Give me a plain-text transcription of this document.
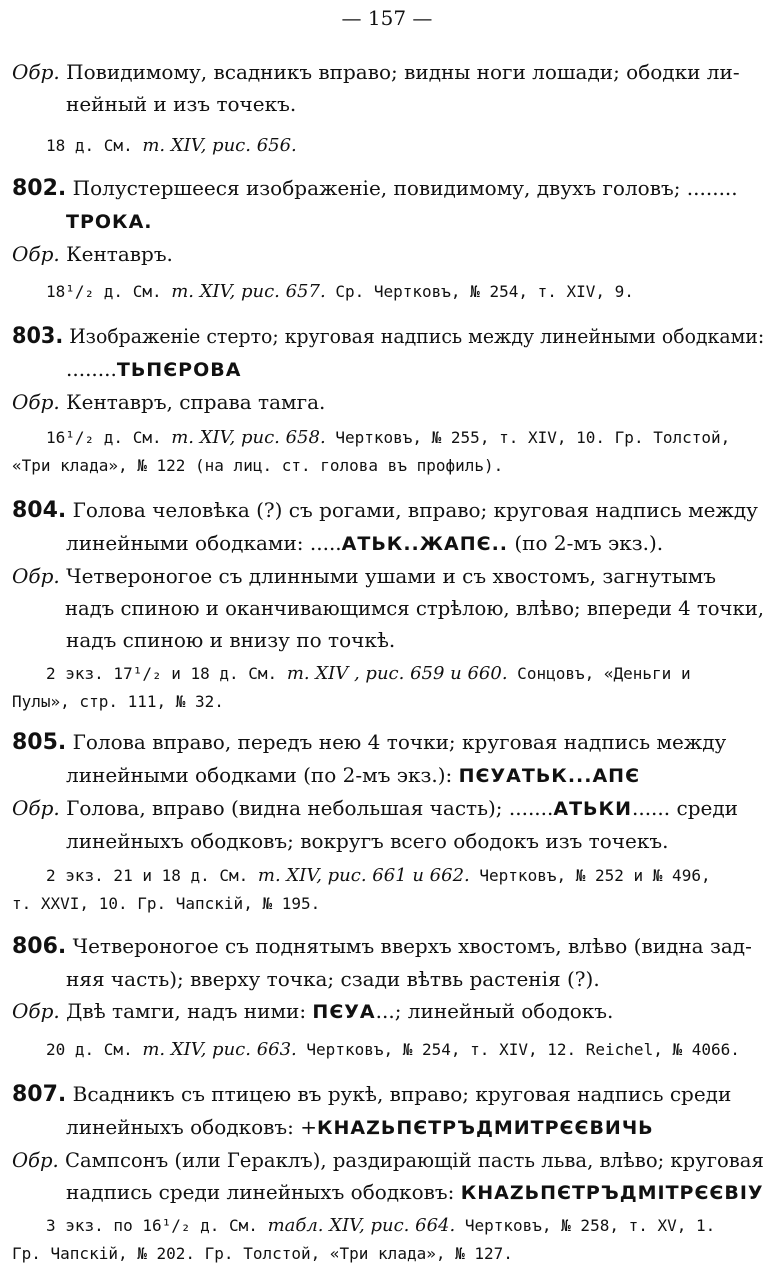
— 157 —
Обр. Повидимому, всадникъ вправо; видны ноги лошади; ободки ли-
нейный и изъ точекъ.
18 д. См. т. XIV, рис. 656.
802. Полустершееся изображеніе, повидимому, двухъ головъ; ........
ТРОКА.
Обр. Кентавръ.
18¹/₂ д. См. т. XIV, рис. 657. Ср. Чертковъ, № 254, т. XIV, 9.
803. Изображеніе стерто; круговая надпись между линейными ободками:
........ТЬПЄРОВА
Обр. Кентавръ, справа тамга.
16¹/₂ д. См. т. XIV, рис. 658. Чертковъ, № 255, т. XIV, 10. Гр. Толстой,
«Три клада», № 122 (на лиц. ст. голова въ профиль).
804. Голова человѣка (?) съ рогами, вправо; круговая надпись между
линейными ободками: .....АТЬК..ЖАПЄ.. (по 2-мъ экз.).
Обр. Четвероногое съ длинными ушами и съ хвостомъ, загнутымъ
надъ спиною и оканчивающимся стрѣлою, влѣво; впереди 4 точки,
надъ спиною и внизу по точкѣ.
2 экз. 17¹/₂ и 18 д. См. т. XIV , рис. 659 и 660. Сонцовъ, «Деньги и
Пулы», стр. 111, № 32.
805. Голова вправо, передъ нею 4 точки; круговая надпись между
линейными ободками (по 2-мъ экз.): ПЄУАТЬК...АПЄ
Обр. Голова, вправо (видна небольшая часть); .......АТЬКИ...... среди
линейныхъ ободковъ; вокругъ всего ободокъ изъ точекъ.
2 экз. 21 и 18 д. См. т. XIV, рис. 661 и 662. Чертковъ, № 252 и № 496,
т. XXVI, 10. Гр. Чапскій, № 195.
806. Четвероногое съ поднятымъ вверхъ хвостомъ, влѣво (видна зад-
няя часть); вверху точка; сзади вѣтвь растенія (?).
Обр. Двѣ тамги, надъ ними: ПЄУА...; линейный ободокъ.
20 д. См. т. XIV, рис. 663. Чертковъ, № 254, т. XIV, 12. Reichel, № 4066.
807. Всадникъ съ птицею въ рукѣ, вправо; круговая надпись среди
линейныхъ ободковъ: +КНАΖЬПЄТРЪДМИТРЄЄВИЧЬ
Обр. Сампсонъ (или Гераклъ), раздирающій пасть льва, влѣво; круговая
надпись среди линейныхъ ободковъ: КНАΖЬПЄТРЪДМІТРЄЄВІУ
3 экз. по 16¹/₂ д. См. табл. XIV, рис. 664. Чертковъ, № 258, т. XV, 1.
Гр. Чапскій, № 202. Гр. Толстой, «Три клада», № 127.
